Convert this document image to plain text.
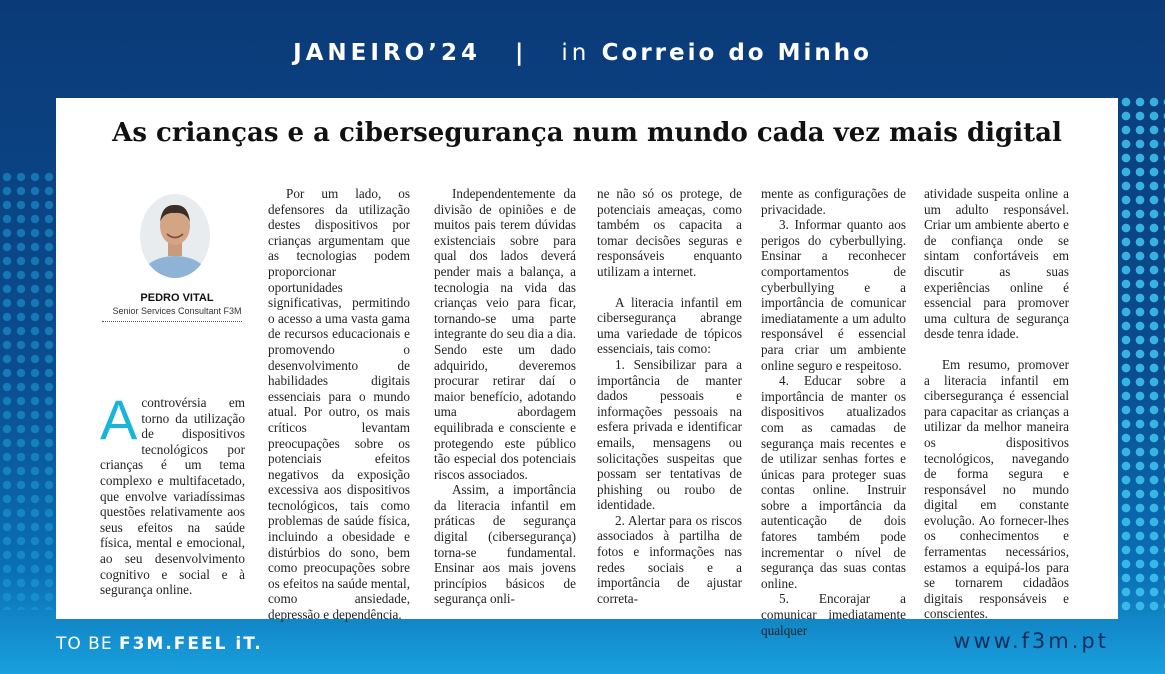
JANEIRO’24 | in Correio do Minho
As crianças e a cibersegurança num mundo cada vez mais digital
PEDRO VITAL
Senior Services Consultant F3M

Acontrovérsia em torno da utilização de dispositivos tecnológicos por crianças é um tema complexo e multifacetado, que envolve variadíssimas questões relativamente aos seus efeitos na saúde física, mental e emocional, ao seu desenvolvimento cognitivo e social e à segurança online.

Por um lado, os defensores da utilização destes dispositivos por crianças argumentam que as tecnologias podem proporcionar oportunidades significativas, permitindo o acesso a uma vasta gama de recursos educacionais e promovendo o desenvolvimento de habilidades digitais essenciais para o mundo atual. Por outro, os mais críticos levantam preocupações sobre os potenciais efeitos negativos da exposição excessiva aos dispositivos tecnológicos, tais como problemas de saúde física, incluindo a obesidade e distúrbios do sono, bem como preocupações sobre os efeitos na saúde mental, como ansiedade, depressão e dependência.

Independentemente da divisão de opiniões e de muitos pais terem dúvidas existenciais sobre para qual dos lados deverá pender mais a balança, a tecnologia na vida das crianças veio para ficar, tornando-se uma parte integrante do seu dia a dia. Sendo este um dado adquirido, deveremos procurar retirar daí o maior benefício, adotando uma abordagem equilibrada e consciente e protegendo este público tão especial dos potenciais riscos associados.

Assim, a importância da literacia infantil em práticas de segurança digital (cibersegurança) torna-se fundamental. Ensinar aos mais jovens princípios básicos de segurança onli-

ne não só os protege, de potenciais ameaças, como também os capacita a tomar decisões seguras e responsáveis enquanto utilizam a internet.

A literacia infantil em cibersegurança abrange uma variedade de tópicos essenciais, tais como:

1. Sensibilizar para a importância de manter dados pessoais e informações pessoais na esfera privada e identificar emails, mensagens ou solicitações suspeitas que possam ser tentativas de phishing ou roubo de identidade.

2. Alertar para os riscos associados à partilha de fotos e informações nas redes sociais e a importância de ajustar correta-

mente as configurações de privacidade.

3. Informar quanto aos perigos do cyberbullying. Ensinar a reconhecer comportamentos de cyberbullying e a importância de comunicar imediatamente a um adulto responsável é essencial para criar um ambiente online seguro e respeitoso.

4. Educar sobre a importância de manter os dispositivos atualizados com as camadas de segurança mais recentes e de utilizar senhas fortes e únicas para proteger suas contas online. Instruir sobre a importância da autenticação de dois fatores também pode incrementar o nível de segurança das suas contas online.

5. Encorajar a comunicar imediatamente qualquer

atividade suspeita online a um adulto responsável. Criar um ambiente aberto e de confiança onde se sintam confortáveis em discutir as suas experiências online é essencial para promover uma cultura de segurança desde tenra idade.

Em resumo, promover a literacia infantil em cibersegurança é essencial para capacitar as crianças a utilizar da melhor maneira os dispositivos tecnológicos, navegando de forma segura e responsável no mundo digital em constante evolução. Ao fornecer-lhes os conhecimentos e ferramentas necessários, estamos a equipá-los para se tornarem cidadãos digitais responsáveis e conscientes.

TO BE F3M.FEEL iT.	www.f3m.pt
